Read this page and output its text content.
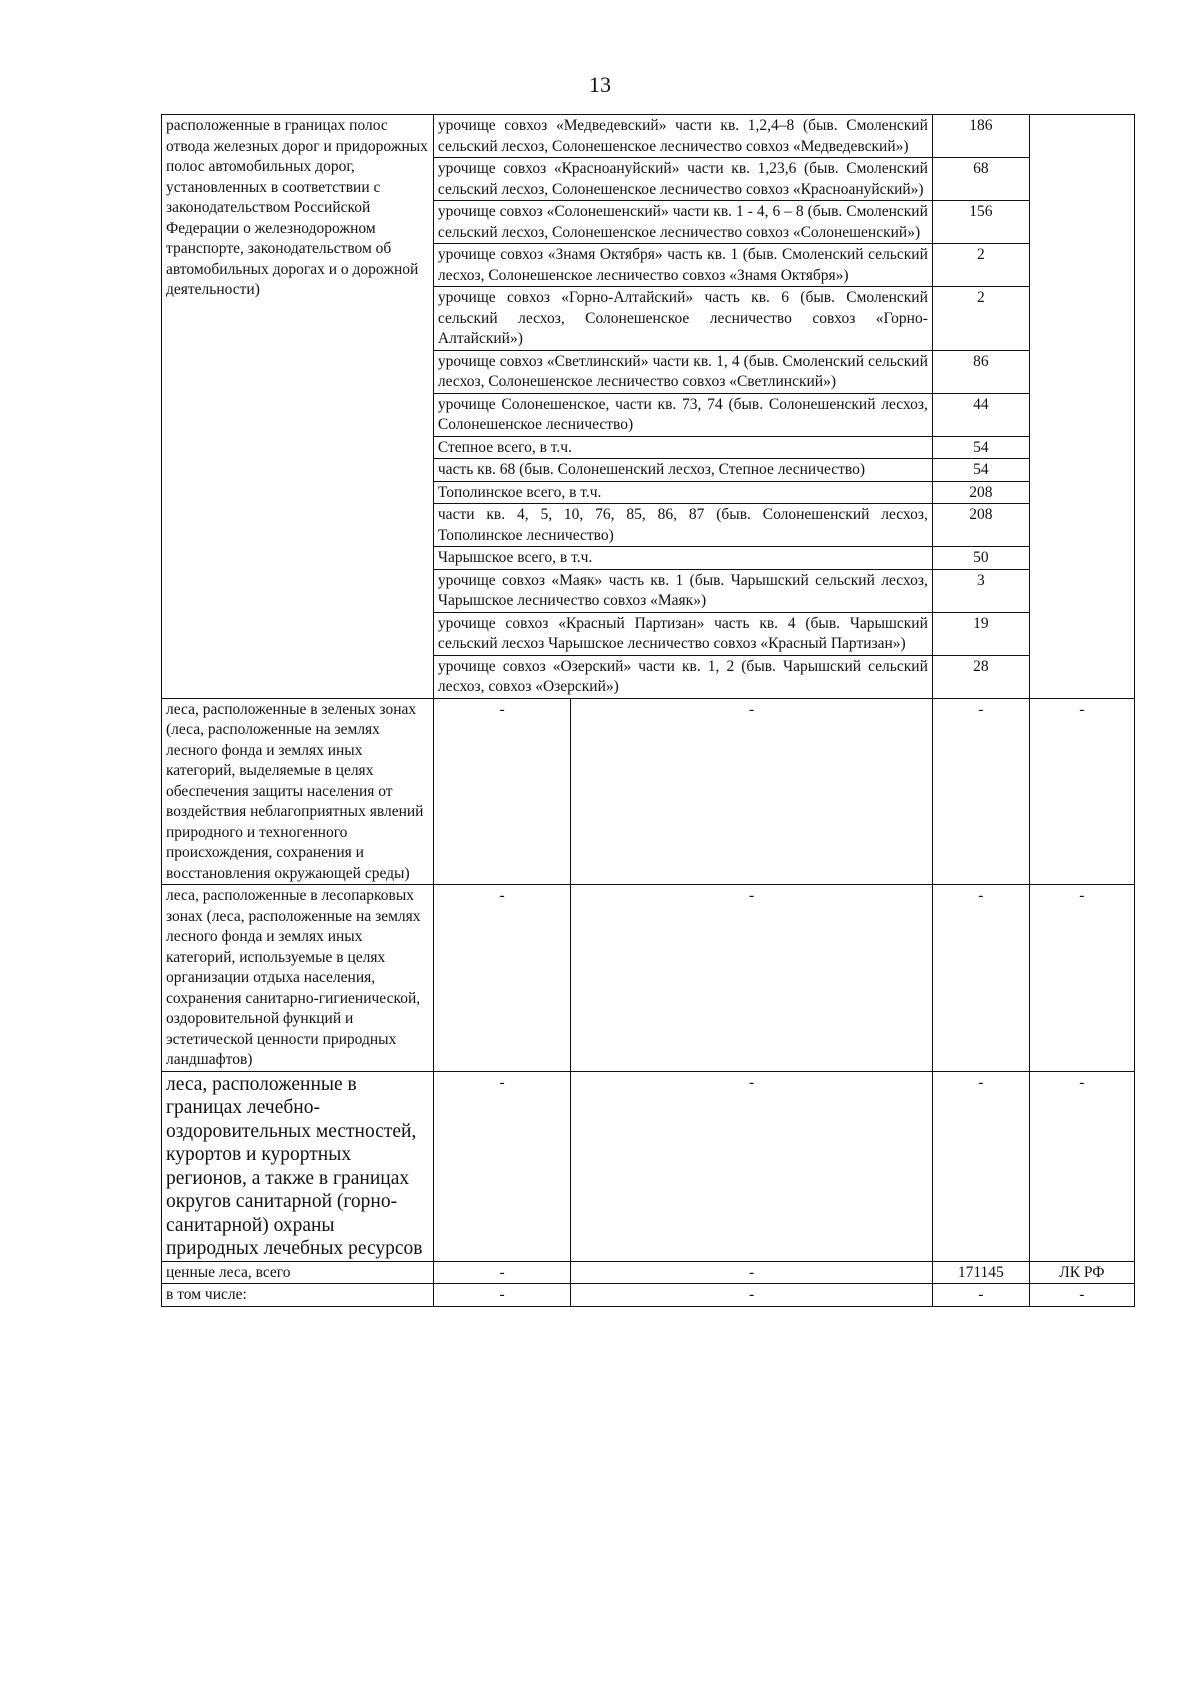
13
расположенные в границах полос отвода железных дорог и придорожных полос автомобильных дорог, установленных в соответствии с законодательством Российской Федерации о железнодорожном транспорте, законодательством об автомобильных дорогах и о дорожной деятельности)	урочище совхоз «Медведевский» части кв. 1,2,4–8 (быв. Смоленский сельский лесхоз, Солонешенское лесничество совхоз «Медведевский»)		186	
	урочище совхоз «Красноануйский» части кв. 1,23,6 (быв. Смоленский сельский лесхоз, Солонешенское лесничество совхоз «Красноануйский»)		68	
	урочище совхоз «Солонешенский» части кв. 1 - 4, 6 – 8 (быв. Смоленский сельский лесхоз, Солонешенское лесничество совхоз «Солонешенский»)		156	
	урочище совхоз «Знамя Октября» часть кв. 1 (быв. Смоленский сельский лесхоз, Солонешенское лесничество совхоз «Знамя Октября»)		2	
	урочище совхоз «Горно-Алтайский» часть кв. 6 (быв. Смоленский сельский лесхоз, Солонешенское лесничество совхоз «Горно-Алтайский»)		2	
	урочище совхоз «Светлинский» части кв. 1, 4 (быв. Смоленский сельский лесхоз, Солонешенское лесничество совхоз «Светлинский»)		86	
	урочище Солонешенское, части кв. 73, 74 (быв. Солонешенский лесхоз, Солонешенское лесничество)		44	
	Степное всего, в т.ч.		54	
	часть кв. 68 (быв. Солонешенский лесхоз, Степное лесничество)		54	
	Тополинское всего, в т.ч.		208	
	части кв. 4, 5, 10, 76, 85, 86, 87 (быв. Солонешенский лесхоз, Тополинское лесничество)		208	
	Чарышское всего, в т.ч.		50	
	урочище совхоз «Маяк» часть кв. 1 (быв. Чарышский сельский лесхоз, Чарышское лесничество совхоз «Маяк»)		3	
	урочище совхоз «Красный Партизан» часть кв. 4 (быв. Чарышский сельский лесхоз Чарышское лесничество совхоз «Красный Партизан»)		19	
	урочище совхоз «Озерский» части кв. 1, 2 (быв. Чарышский сельский лесхоз, совхоз «Озерский»)		28	
леса, расположенные в зеленых зонах (леса, расположенные на землях лесного фонда и землях иных категорий, выделяемые в целях обеспечения защиты населения от воздействия неблагоприятных явлений природного и техногенного происхождения, сохранения и восстановления окружающей среды)	-	-	-	-
леса, расположенные в лесопарковых зонах (леса, расположенные на землях лесного фонда и землях иных категорий, используемые в целях организации отдыха населения, сохранения санитарно-гигиенической, оздоровительной функций и эстетической ценности природных ландшафтов)	-	-	-	-
леса, расположенные в границах лечебно-оздоровительных местностей, курортов и курортных регионов, а также в границах округов санитарной (горно-санитарной) охраны природных лечебных ресурсов	-	-	-	-
ценные леса, всего	-	-	171145	ЛК РФ
в том числе:	-	-	-	-
